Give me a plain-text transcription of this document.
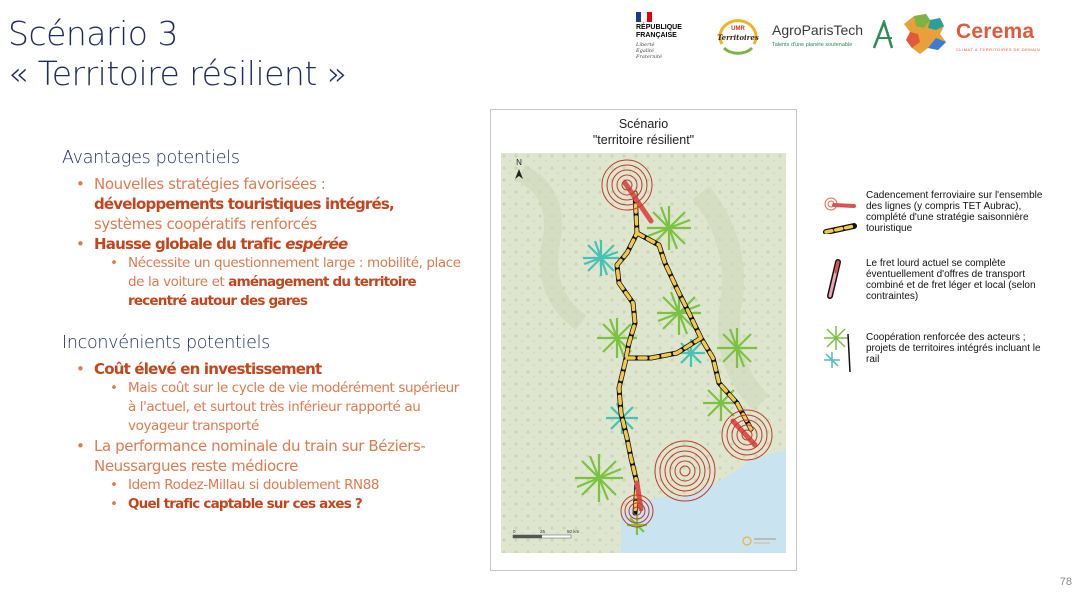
Scénario 3
« Territoire résilient »
RÉPUBLIQUE
FRANÇAISE
Liberté
Égalité
Fraternité
UMR
Territoires AgroParisTech
Talents d'une planète soutenable
Cerema
CLIMAT & TERRITOIRES DE DEMAIN
Avantages potentiels
• Nouvelles stratégies favorisées :
développements touristiques intégrés,
systèmes coopératifs renforcés
• Hausse globale du trafic espérée
• Nécessite un questionnement large : mobilité, place de la voiture et aménagement du territoire recentré autour des gares
Inconvénients potentiels
• Coût élevé en investissement
• Mais coût sur le cycle de vie modérément supérieur à l'actuel, et surtout très inférieur rapporté au voyageur transporté
• La performance nominale du train sur Béziers-Neussargues reste médiocre
• Idem Rodez-Millau si doublement RN88
• Quel trafic captable sur ces axes ?
Scénario
"territoire résilient"
N
0	25	50 km
Cadencement ferroviaire sur l'ensemble des lignes (y compris TET Aubrac), complété d'une stratégie saisonnière touristique
Le fret lourd actuel se complète éventuellement d'offres de transport combiné et de fret léger et local (selon contraintes)
Coopération renforcée des acteurs ; projets de territoires intégrés incluant le rail
78
